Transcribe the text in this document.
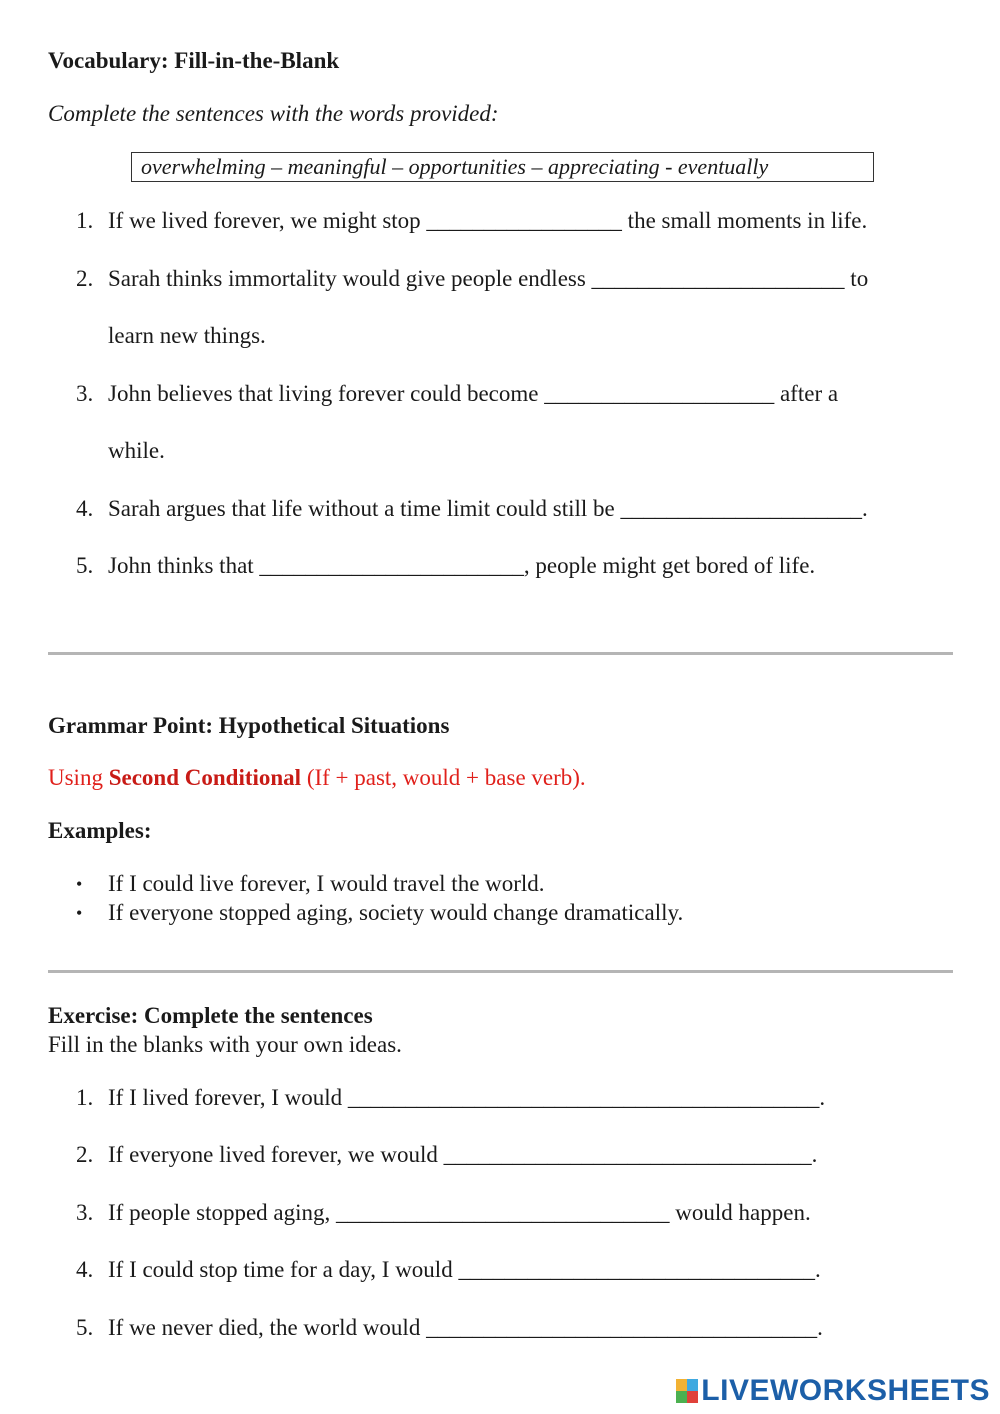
Vocabulary: Fill-in-the-Blank
Complete the sentences with the words provided:
overwhelming – meaningful – opportunities – appreciating - eventually
1. If we lived forever, we might stop _________________ the small moments in life.
2. Sarah thinks immortality would give people endless ______________________ to
learn new things.
3. John believes that living forever could become ____________________ after a
while.
4. Sarah argues that life without a time limit could still be _____________________.
5. John thinks that _______________________, people might get bored of life.
Grammar Point: Hypothetical Situations
Using Second Conditional (If + past, would + base verb).
Examples:
• If I could live forever, I would travel the world.
• If everyone stopped aging, society would change dramatically.
Exercise: Complete the sentences
Fill in the blanks with your own ideas.
1. If I lived forever, I would _________________________________________.
2. If everyone lived forever, we would ________________________________.
3. If people stopped aging, _____________________________ would happen.
4. If I could stop time for a day, I would _______________________________.
5. If we never died, the world would __________________________________.
LIVEWORKSHEETS
